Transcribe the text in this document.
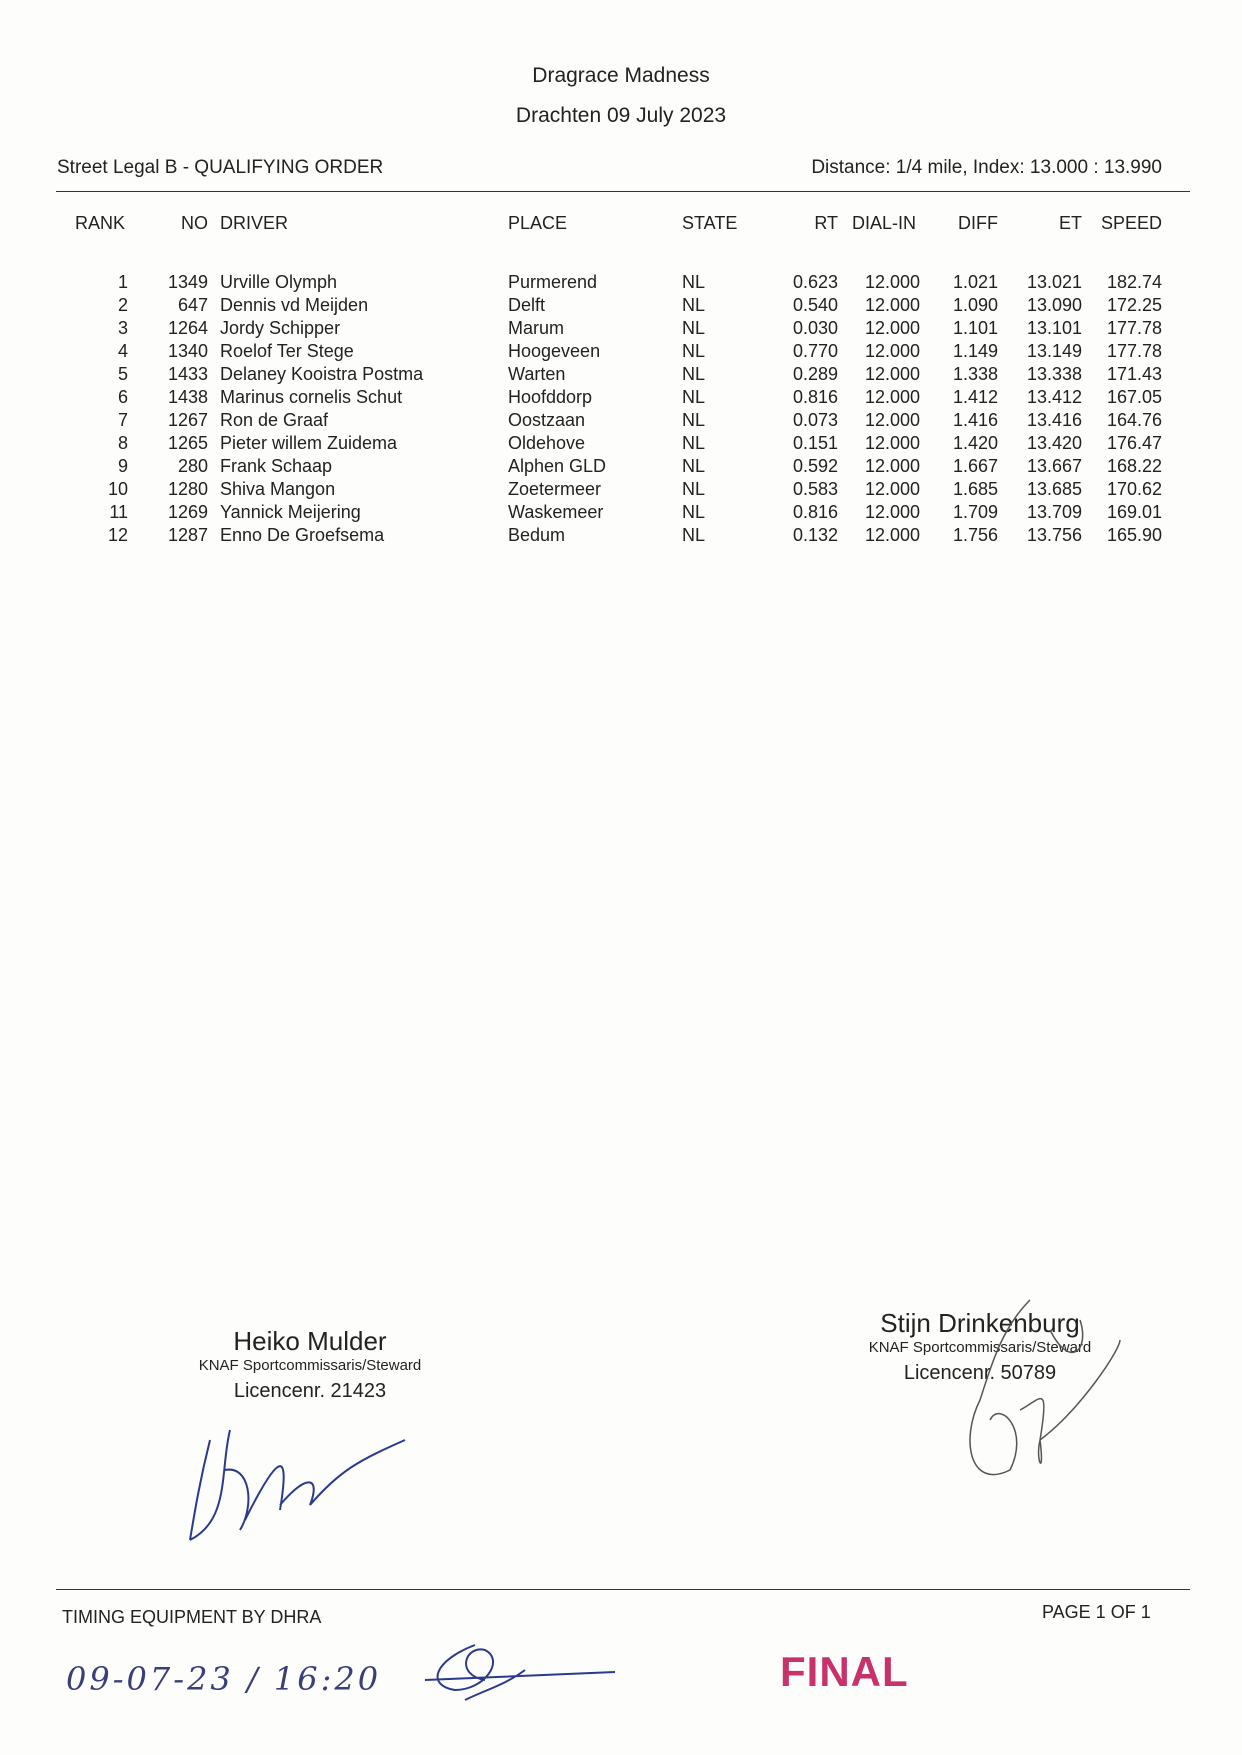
Dragrace Madness
Drachten 09 July 2023
Street Legal B - QUALIFYING ORDER	Distance: 1/4 mile, Index: 13.000 : 13.990
RANK	NO DRIVER	PLACE	STATE	RT DIAL-IN	DIFF	ET	SPEED
1	1349 Urville Olymph	Purmerend	NL	0.623	12.000	1.021	13.021	182.74
2	647 Dennis vd Meijden	Delft	NL	0.540	12.000	1.090	13.090	172.25
3	1264 Jordy Schipper	Marum	NL	0.030	12.000	1.101	13.101	177.78
4	1340 Roelof Ter Stege	Hoogeveen	NL	0.770	12.000	1.149	13.149	177.78
5	1433 Delaney Kooistra Postma	Warten	NL	0.289	12.000	1.338	13.338	171.43
6	1438 Marinus cornelis Schut	Hoofddorp	NL	0.816	12.000	1.412	13.412	167.05
7	1267 Ron de Graaf	Oostzaan	NL	0.073	12.000	1.416	13.416	164.76
8	1265 Pieter willem Zuidema	Oldehove	NL	0.151	12.000	1.420	13.420	176.47
9	280 Frank Schaap	Alphen GLD	NL	0.592	12.000	1.667	13.667	168.22
10	1280 Shiva Mangon	Zoetermeer	NL	0.583	12.000	1.685	13.685	170.62
11	1269 Yannick Meijering	Waskemeer	NL	0.816	12.000	1.709	13.709	169.01
12	1287 Enno De Groefsema	Bedum	NL	0.132	12.000	1.756	13.756	165.90
Heiko Mulder
KNAF Sportcommissaris/Steward
Licencenr. 21423
Stijn Drinkenburg
KNAF Sportcommissaris/Steward
Licencenr. 50789
TIMING EQUIPMENT BY DHRA	PAGE 1 OF 1
09-07-23 / 16:20	FINAL
